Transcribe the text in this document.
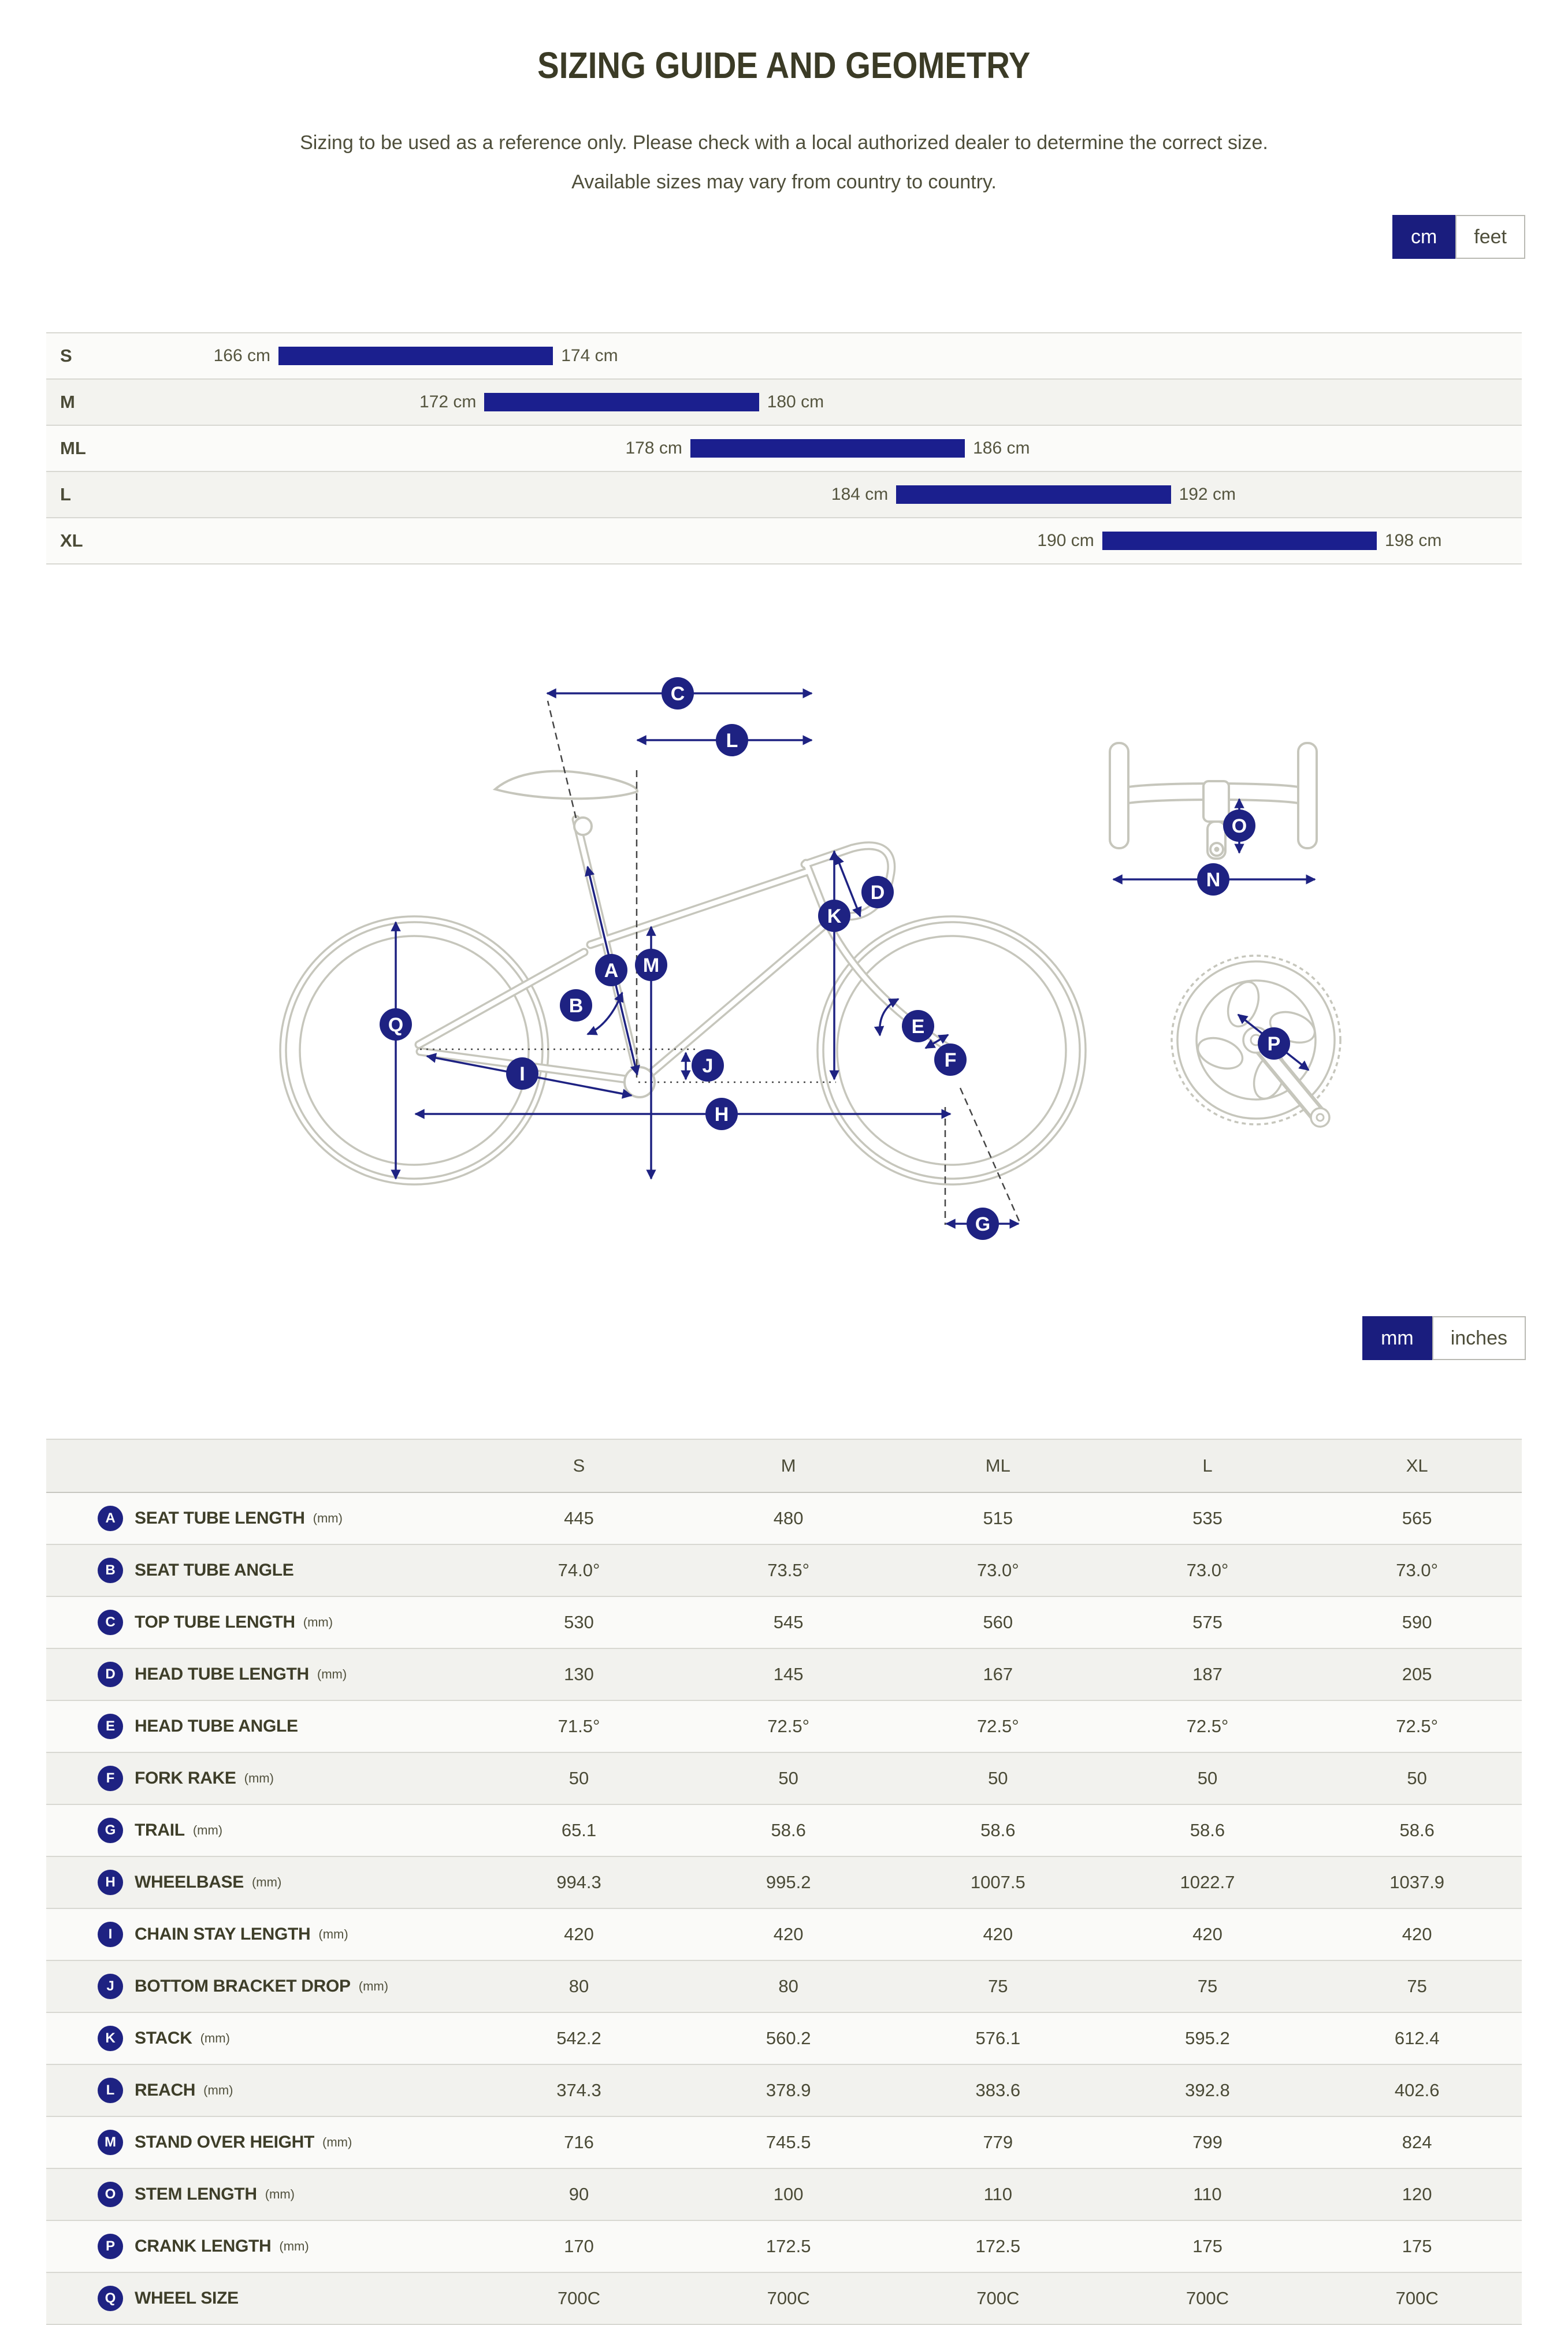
SIZING GUIDE AND GEOMETRY

Sizing to be used as a reference only. Please check with a local authorized dealer to determine the correct size.

Available sizes may vary from country to country.

cm	feet
S	166 cm	174 cm
M	172 cm	180 cm
ML	178 cm	186 cm
L	184 cm	192 cm
XL	190 cm	198 cm
A
B
C
D
E
F
G
H
I	J
K
L
M
N
O
P
Q
mm	inches
	S	M	ML	L	XL

A SEAT TUBE LENGTH (mm)	445	480	515	535	565

B SEAT TUBE ANGLE	74.0°	73.5°	73.0°	73.0°	73.0°

C TOP TUBE LENGTH (mm)	530	545	560	575	590

D HEAD TUBE LENGTH (mm)	130	145	167	187	205

E HEAD TUBE ANGLE	71.5°	72.5°	72.5°	72.5°	72.5°

F FORK RAKE (mm)	50	50	50	50	50

G TRAIL (mm)	65.1	58.6	58.6	58.6	58.6

H WHEELBASE (mm)	994.3	995.2	1007.5	1022.7	1037.9

I CHAIN STAY LENGTH (mm)	420	420	420	420	420

J BOTTOM BRACKET DROP (mm)	80	80	75	75	75

K STACK (mm)	542.2	560.2	576.1	595.2	612.4

L REACH (mm)	374.3	378.9	383.6	392.8	402.6

M STAND OVER HEIGHT (mm)	716	745.5	779	799	824

O STEM LENGTH (mm)	90	100	110	110	120

P CRANK LENGTH (mm)	170	172.5	172.5	175	175

Q WHEEL SIZE	700C	700C	700C	700C	700C
